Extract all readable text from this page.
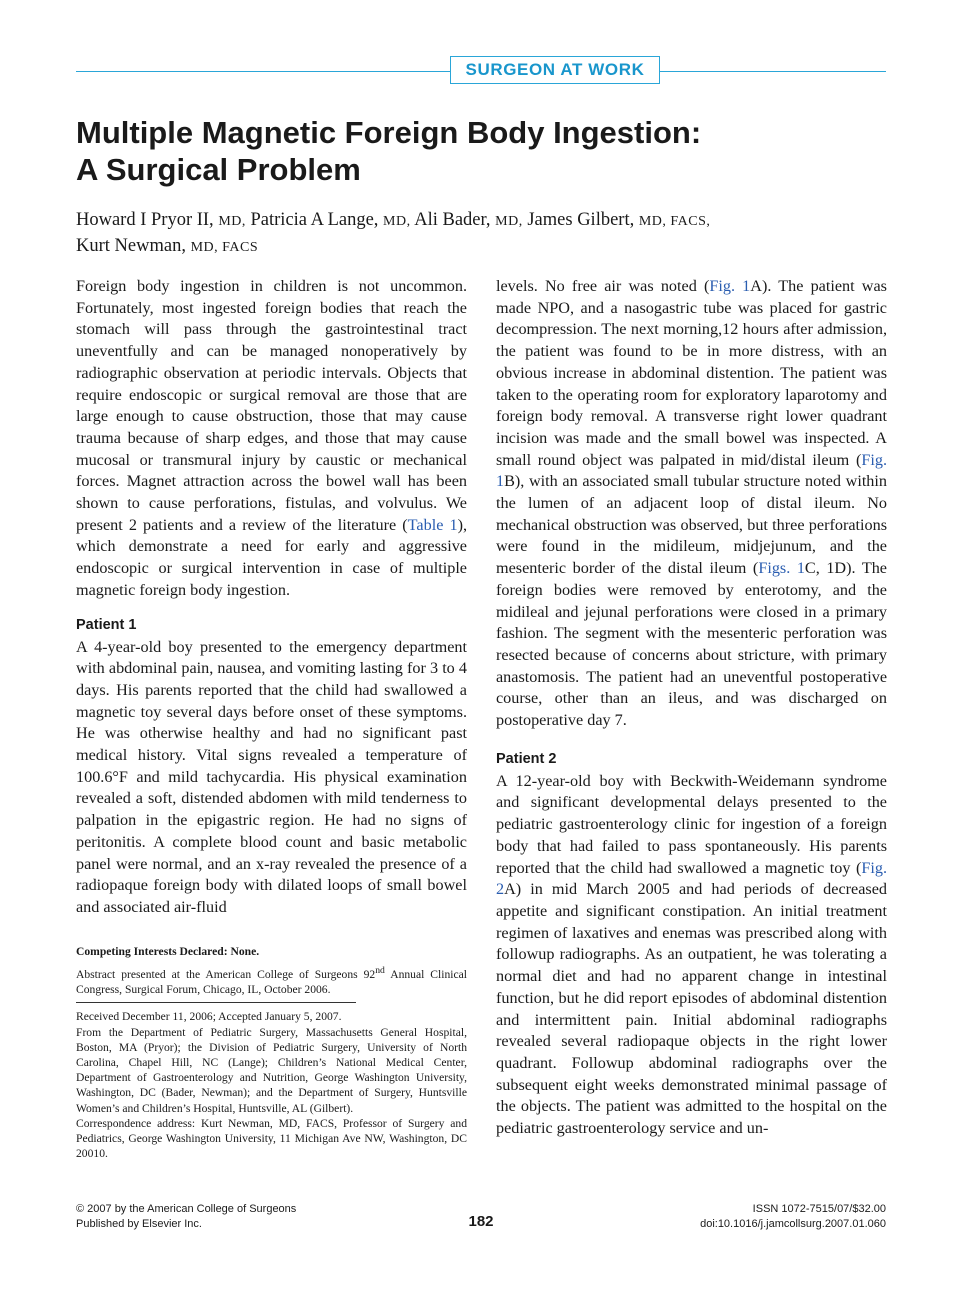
SURGEON AT WORK
Multiple Magnetic Foreign Body Ingestion:
A Surgical Problem
Howard I Pryor II, MD, Patricia A Lange, MD, Ali Bader, MD, James Gilbert, MD, FACS,
Kurt Newman, MD, FACS

Foreign body ingestion in children is not uncommon. Fortunately, most ingested foreign bodies that reach the stomach will pass through the gastrointestinal tract uneventfully and can be managed nonoperatively by radiographic observation at periodic intervals. Objects that require endoscopic or surgical removal are those that are large enough to cause obstruction, those that may cause trauma because of sharp edges, and those that may cause mucosal or transmural injury by caustic or mechanical forces. Magnet attraction across the bowel wall has been shown to cause perforations, fistulas, and volvulus. We present 2 patients and a review of the literature (Table 1), which demonstrate a need for early and aggressive endoscopic or surgical intervention in case of multiple magnetic foreign body ingestion.

Patient 1

A 4-year-old boy presented to the emergency department with abdominal pain, nausea, and vomiting lasting for 3 to 4 days. His parents reported that the child had swallowed a magnetic toy several days before onset of these symptoms. He was otherwise healthy and had no significant past medical history. Vital signs revealed a temperature of 100.6°F and mild tachycardia. His physical examination revealed a soft, distended abdomen with mild tenderness to palpation in the epigastric region. He had no signs of peritonitis. A complete blood count and basic metabolic panel were normal, and an x-ray revealed the presence of a radiopaque foreign body with dilated loops of small bowel and associated air-fluid

levels. No free air was noted (Fig. 1A). The patient was made NPO, and a nasogastric tube was placed for gastric decompression. The next morning,12 hours after admission, the patient was found to be in more distress, with an obvious increase in abdominal distention. The patient was taken to the operating room for exploratory laparotomy and foreign body removal. A transverse right lower quadrant incision was made and the small bowel was inspected. A small round object was palpated in mid/distal ileum (Fig. 1B), with an associated small tubular structure noted within the lumen of an adjacent loop of distal ileum. No mechanical obstruction was observed, but three perforations were found in the midileum, midjejunum, and the mesenteric border of the distal ileum (Figs. 1C, 1D). The foreign bodies were removed by enterotomy, and the midileal and jejunal perforations were closed in a primary fashion. The segment with the mesenteric perforation was resected because of concerns about stricture, with primary anastomosis. The patient had an uneventful postoperative course, other than an ileus, and was discharged on postoperative day 7.

Patient 2

A 12-year-old boy with Beckwith-Weidemann syndrome and significant developmental delays presented to the pediatric gastroenterology clinic for ingestion of a foreign body that had failed to pass spontaneously. His parents reported that the child had swallowed a magnetic toy (Fig. 2A) in mid March 2005 and had periods of decreased appetite and significant constipation. An initial treatment regimen of laxatives and enemas was prescribed along with followup radiographs. As an outpatient, he was tolerating a normal diet and had no apparent change in intestinal function, but he did report episodes of abdominal distention and intermittent pain. Initial abdominal radiographs revealed several radiopaque objects in the right lower quadrant. Followup abdominal radiographs over the subsequent eight weeks demonstrated minimal passage of the objects. The patient was admitted to the hospital on the pediatric gastroenterology service and un-

Competing Interests Declared: None.

Abstract presented at the American College of Surgeons 92nd Annual Clinical Congress, Surgical Forum, Chicago, IL, October 2006.

Received December 11, 2006; Accepted January 5, 2007.

From the Department of Pediatric Surgery, Massachusetts General Hospital, Boston, MA (Pryor); the Division of Pediatric Surgery, University of North Carolina, Chapel Hill, NC (Lange); Children’s National Medical Center, Department of Gastroenterology and Nutrition, George Washington University, Washington, DC (Bader, Newman); and the Department of Surgery, Huntsville Women’s and Children’s Hospital, Huntsville, AL (Gilbert).

Correspondence address: Kurt Newman, MD, FACS, Professor of Surgery and Pediatrics, George Washington University, 11 Michigan Ave NW, Washington, DC 20010.

© 2007 by the American College of Surgeons
Published by Elsevier Inc.	182
ISSN 1072-7515/07/$32.00
doi:10.1016/j.jamcollsurg.2007.01.060
